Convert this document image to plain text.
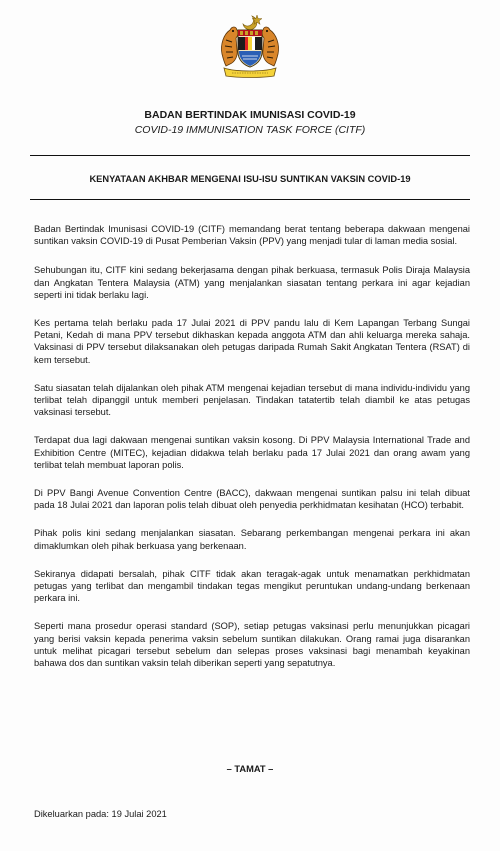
BADAN BERTINDAK IMUNISASI COVID-19
COVID-19 IMMUNISATION TASK FORCE (CITF)
KENYATAAN AKHBAR MENGENAI ISU-ISU SUNTIKAN VAKSIN COVID-19

Badan Bertindak Imunisasi COVID-19 (CITF) memandang berat tentang beberapa dakwaan mengenai suntikan vaksin COVID-19 di Pusat Pemberian Vaksin (PPV) yang menjadi tular di laman media sosial.

Sehubungan itu, CITF kini sedang bekerjasama dengan pihak berkuasa, termasuk Polis Diraja Malaysia dan Angkatan Tentera Malaysia (ATM) yang menjalankan siasatan tentang perkara ini agar kejadian seperti ini tidak berlaku lagi.

Kes pertama telah berlaku pada 17 Julai 2021 di PPV pandu lalu di Kem Lapangan Terbang Sungai Petani, Kedah di mana PPV tersebut dikhaskan kepada anggota ATM dan ahli keluarga mereka sahaja. Vaksinasi di PPV tersebut dilaksanakan oleh petugas daripada Rumah Sakit Angkatan Tentera (RSAT) di kem tersebut.

Satu siasatan telah dijalankan oleh pihak ATM mengenai kejadian tersebut di mana individu-individu yang terlibat telah dipanggil untuk memberi penjelasan. Tindakan tatatertib telah diambil ke atas petugas vaksinasi tersebut.

Terdapat dua lagi dakwaan mengenai suntikan vaksin kosong. Di PPV Malaysia International Trade and Exhibition Centre (MITEC), kejadian didakwa telah berlaku pada 17 Julai 2021 dan orang awam yang terlibat telah membuat laporan polis.

Di PPV Bangi Avenue Convention Centre (BACC), dakwaan mengenai suntikan palsu ini telah dibuat pada 18 Julai 2021 dan laporan polis telah dibuat oleh penyedia perkhidmatan kesihatan (HCO) terbabit.

Pihak polis kini sedang menjalankan siasatan. Sebarang perkembangan mengenai perkara ini akan dimaklumkan oleh pihak berkuasa yang berkenaan.

Sekiranya didapati bersalah, pihak CITF tidak akan teragak-agak untuk menamatkan perkhidmatan petugas yang terlibat dan mengambil tindakan tegas mengikut peruntukan undang-undang berkenaan perkara ini.

Seperti mana prosedur operasi standard (SOP), setiap petugas vaksinasi perlu menunjukkan picagari yang berisi vaksin kepada penerima vaksin sebelum suntikan dilakukan. Orang ramai juga disarankan untuk melihat picagari tersebut sebelum dan selepas proses vaksinasi bagi menambah keyakinan bahawa dos dan suntikan vaksin telah diberikan seperti yang sepatutnya.

– TAMAT –
Dikeluarkan pada: 19 Julai 2021
